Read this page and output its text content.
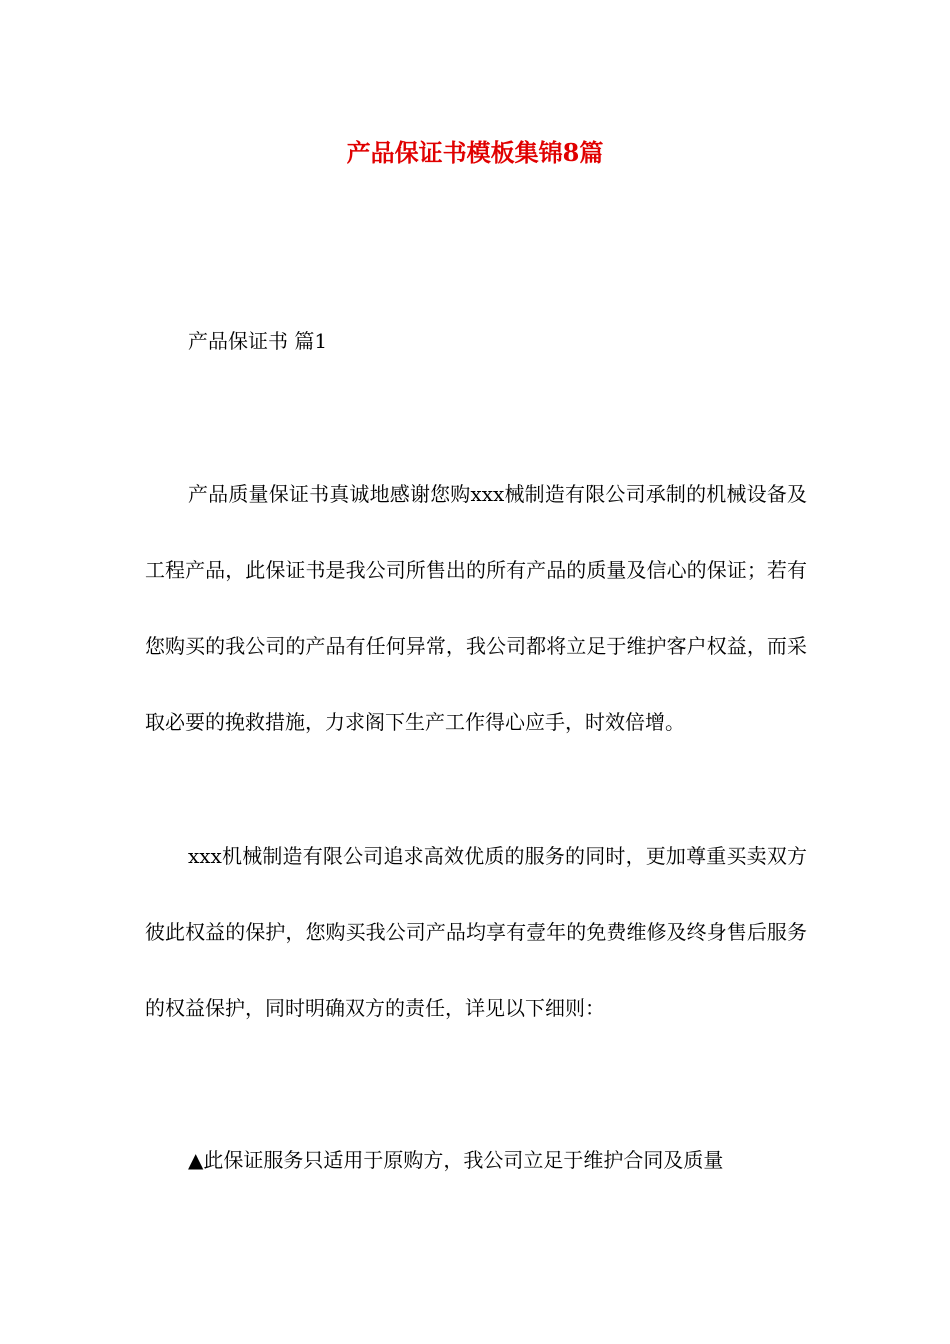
产品保证书模板集锦8篇
产品保证书 篇1

产品质量保证书真诚地感谢您购xxx械制造有限公司承制的机械设备及工程产品，此保证书是我公司所售出的所有产品的质量及信心的保证；若有您购买的我公司的产品有任何异常，我公司都将立足于维护客户权益，而采取必要的挽救措施，力求阁下生产工作得心应手，时效倍增。

xxx机械制造有限公司追求高效优质的服务的同时，更加尊重买卖双方彼此权益的保护，您购买我公司产品均享有壹年的免费维修及终身售后服务的权益保护，同时明确双方的责任，详见以下细则：

▲此保证服务只适用于原购方，我公司立足于维护合同及质量
